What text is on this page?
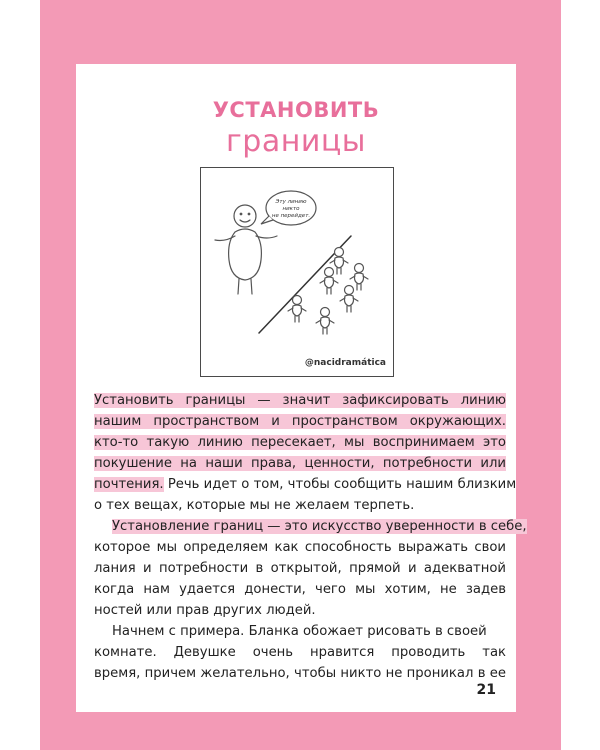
УСТАНОВИТЬ
границы
Эту линию
никто
не перейдет.
@nacidramática
Установить границы — значит зафиксировать линию
нашим пространством и пространством окружающих.
кто-то такую линию пересекает, мы воспринимаем это
покушение на наши права, ценности, потребности или
почтения. Речь идет о том, чтобы сообщить нашим близким
о тех вещах, которые мы не желаем терпеть.
Установление границ — это искусство уверенности в себе,
которое мы определяем как способность выражать свои
лания и потребности в открытой, прямой и адекватной
когда нам удается донести, чего мы хотим, не задев
ностей или прав других людей.
Начнем с примера. Бланка обожает рисовать в своей
комнате. Девушке очень нравится проводить так
время, причем желательно, чтобы никто не проникал в ее
21
